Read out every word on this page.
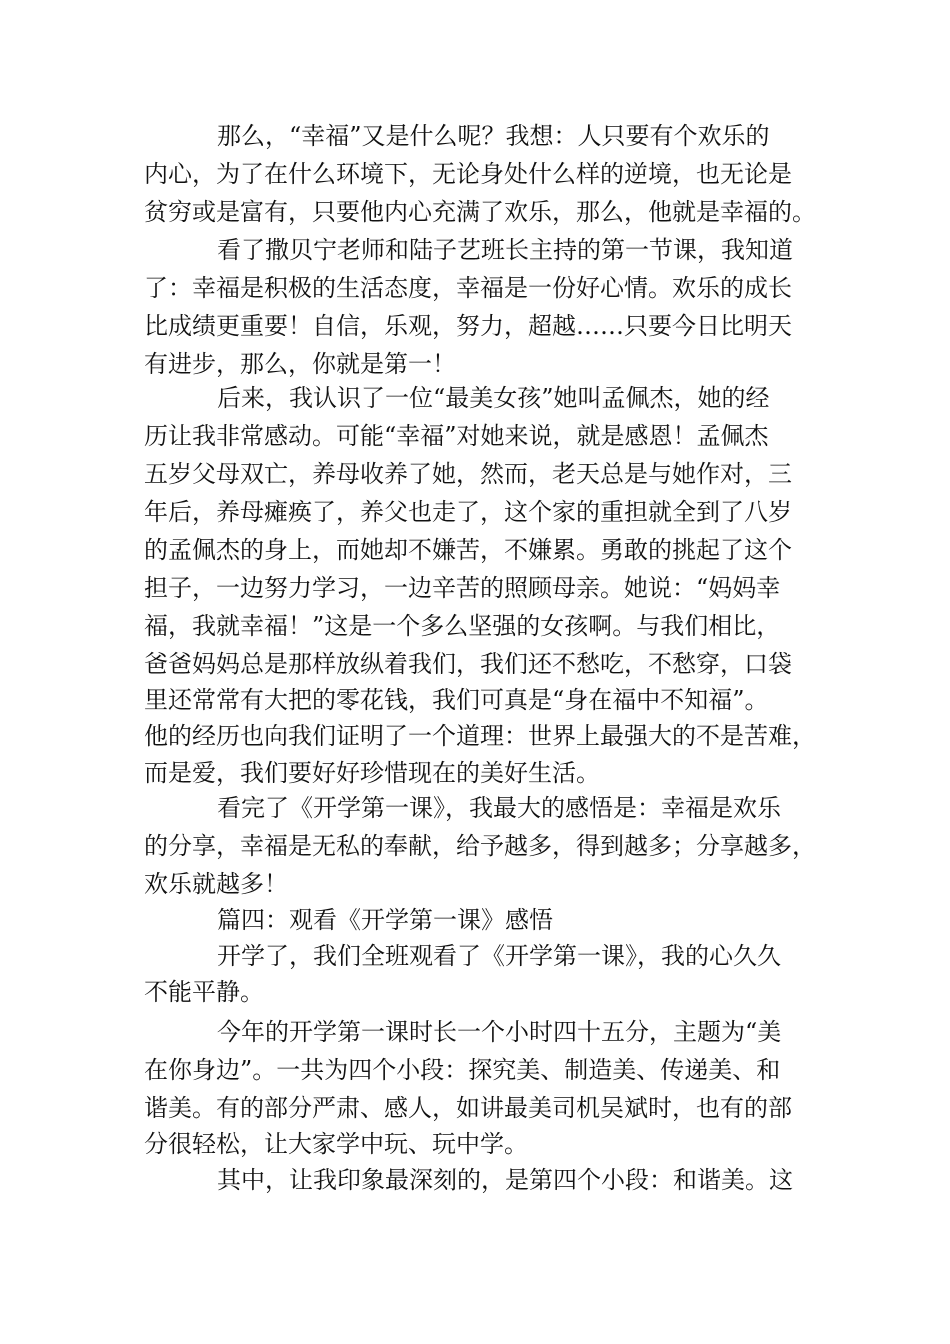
那么，“幸福”又是什么呢？我想：人只要有个欢乐的
内心，为了在什么环境下，无论身处什么样的逆境，也无论是
贫穷或是富有，只要他内心充满了欢乐，那么，他就是幸福的。
看了撒贝宁老师和陆子艺班长主持的第一节课，我知道
了：幸福是积极的生活态度，幸福是一份好心情。欢乐的成长
比成绩更重要！自信，乐观，努力，超越……只要今日比明天
有进步，那么，你就是第一！
后来，我认识了一位“最美女孩”她叫孟佩杰，她的经
历让我非常感动。可能“幸福”对她来说，就是感恩！孟佩杰
五岁父母双亡，养母收养了她，然而，老天总是与她作对，三
年后，养母瘫痪了，养父也走了，这个家的重担就全到了八岁
的孟佩杰的身上，而她却不嫌苦，不嫌累。勇敢的挑起了这个
担子，一边努力学习，一边辛苦的照顾母亲。她说：“妈妈幸
福，我就幸福！”这是一个多么坚强的女孩啊。与我们相比，
爸爸妈妈总是那样放纵着我们，我们还不愁吃，不愁穿，口袋
里还常常有大把的零花钱，我们可真是“身在福中不知福”。
他的经历也向我们证明了一个道理：世界上最强大的不是苦难，
而是爱，我们要好好珍惜现在的美好生活。
看完了《开学第一课》，我最大的感悟是：幸福是欢乐
的分享，幸福是无私的奉献，给予越多，得到越多；分享越多，
欢乐就越多！
篇四：观看《开学第一课》感悟
开学了，我们全班观看了《开学第一课》，我的心久久
不能平静。
今年的开学第一课时长一个小时四十五分，主题为“美
在你身边”。一共为四个小段：探究美、制造美、传递美、和
谐美。有的部分严肃、感人，如讲最美司机吴斌时，也有的部
分很轻松，让大家学中玩、玩中学。
其中，让我印象最深刻的，是第四个小段：和谐美。这
